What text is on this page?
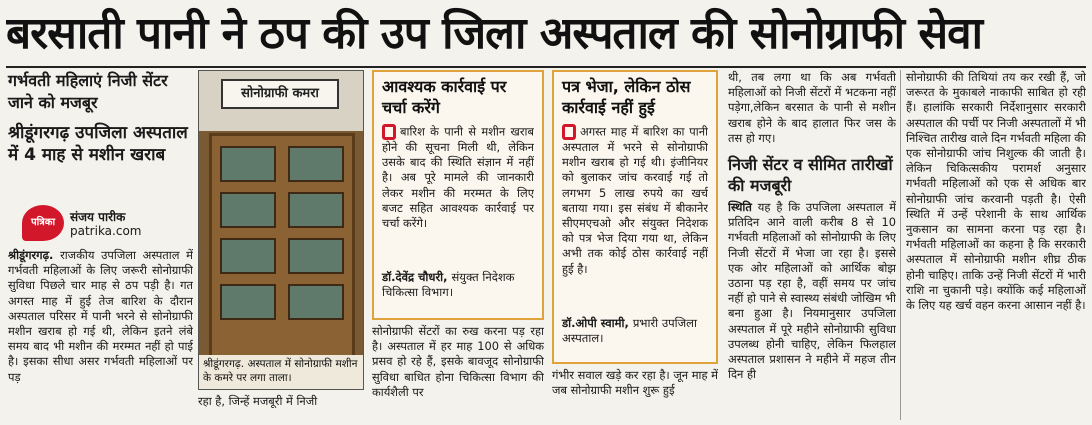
बरसाती पानी ने ठप की उप जिला अस्पताल की सोनोग्राफी सेवा
गर्भवती महिलाएं निजी सेंटर जाने को मजबूर
श्रीडूंगरगढ़ उपजिला अस्पताल में 4 माह से मशीन खराब
पत्रिका	संजय पारीक
patrika.com
श्रीडूंगरगढ़. राजकीय उपजिला अस्पताल में गर्भवती महिलाओं के लिए जरूरी सोनोग्राफी सुविधा पिछले चार माह से ठप पड़ी है। गत अगस्त माह में हुई तेज बारिश के दौरान अस्पताल परिसर में पानी भरने से सोनोग्राफी मशीन खराब हो गई थी, लेकिन इतने लंबे समय बाद भी मशीन की मरम्मत नहीं हो पाई है। इसका सीधा असर गर्भवती महिलाओं पर पड़
सोनोग्राफी कमरा
श्रीडूंगरगढ़. अस्पताल में सोनोग्राफी मशीन के कमरे पर लगा ताला।
रहा है, जिन्हें मजबूरी में निजी
आवश्यक कार्रवाई पर चर्चा करेंगे
बारिश के पानी से मशीन खराब होने की सूचना मिली थी, लेकिन उसके बाद की स्थिति संज्ञान में नहीं है। अब पूरे मामले की जानकारी लेकर मशीन की मरम्मत के लिए बजट सहित आवश्यक कार्रवाई पर चर्चा करेंगे।
डॉ.देवेंद्र चौधरी, संयुक्त निदेशक चिकित्सा विभाग।
सोनोग्राफी सेंटरों का रुख करना पड़ रहा है। अस्पताल में हर माह 100 से अधिक प्रसव हो रहे हैं, इसके बावजूद सोनोग्राफी सुविधा बाधित होना चिकित्सा विभाग की कार्यशैली पर
पत्र भेजा, लेकिन ठोस कार्रवाई नहीं हुई
अगस्त माह में बारिश का पानी अस्पताल में भरने से सोनोग्राफी मशीन खराब हो गई थी। इंजीनियर को बुलाकर जांच करवाई गई तो लगभग 5 लाख रुपये का खर्च बताया गया। इस संबंध में बीकानेर सीएमएचओ और संयुक्त निदेशक को पत्र भेज दिया गया था, लेकिन अभी तक कोई ठोस कार्रवाई नहीं हुई है।
डॉ.ओपी स्वामी, प्रभारी उपजिला अस्पताल।
गंभीर सवाल खड़े कर रहा है। जून माह में जब सोनोग्राफी मशीन शुरू हुई
थी, तब लगा था कि अब गर्भवती महिलाओं को निजी सेंटरों में भटकना नहीं पड़ेगा,लेकिन बरसात के पानी से मशीन खराब होने के बाद हालात फिर जस के तस हो गए।
निजी सेंटर व सीमित तारीखों की मजबूरी
स्थिति यह है कि उपजिला अस्पताल में प्रतिदिन आने वाली करीब 8 से 10 गर्भवती महिलाओं को सोनोग्राफी के लिए निजी सेंटरों में भेजा जा रहा है। इससे एक ओर महिलाओं को आर्थिक बोझ उठाना पड़ रहा है, वहीं समय पर जांच नहीं हो पाने से स्वास्थ्य संबंधी जोखिम भी बना हुआ है। नियमानुसार उपजिला अस्पताल में पूरे महीने सोनोग्राफी सुविधा उपलब्ध होनी चाहिए, लेकिन फिलहाल अस्पताल प्रशासन ने महीने में महज तीन दिन ही
सोनोग्राफी की तिथियां तय कर रखी हैं, जो जरूरत के मुकाबले नाकाफी साबित हो रही हैं। हालांकि सरकारी निर्देशानुसार सरकारी अस्पताल की पर्ची पर निजी अस्पतालों में भी निश्चित तारीख वाले दिन गर्भवती महिला की एक सोनोग्राफी जांच निशुल्क की जाती है। लेकिन चिकित्सकीय परामर्श अनुसार गर्भवती महिलाओं को एक से अधिक बार सोनोग्राफी जांच करवानी पड़ती है। ऐसी स्थिति में उन्हें परेशानी के साथ आर्थिक नुकसान का सामना करना पड़ रहा है। गर्भवती महिलाओं का कहना है कि सरकारी अस्पताल में सोनोग्राफी मशीन शीघ्र ठीक होनी चाहिए। ताकि उन्हें निजी सेंटरों में भारी राशि ना चुकानी पड़े। क्योंकि कई महिलाओं के लिए यह खर्च वहन करना आसान नहीं है।
